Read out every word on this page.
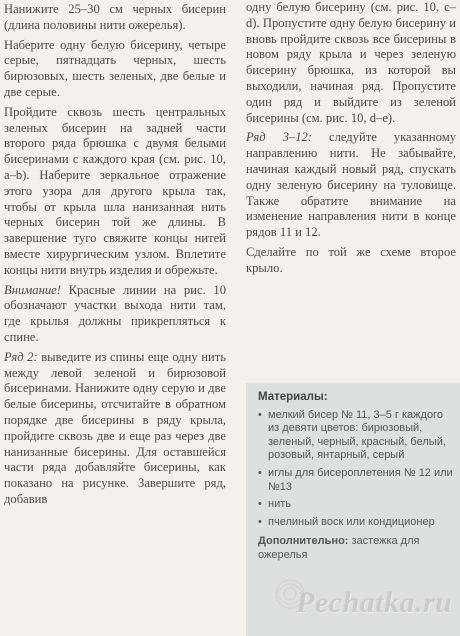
Нанижите 25–30 см черных бисерин (длина половины нити ожерелья).

Наберите одну белую бисерину, четыре серые, пятнадцать черных, шесть бирюзовых, шесть зеленых, две белые и две серые.

Пройдите сквозь шесть центральных зеленых бисерин на задней части второго ряда брюшка с двумя белыми бисеринами с каждого края (см. рис. 10, а–b). Наберите зеркальное отражение этого узора для другого крыла так, чтобы от крыла шла нанизанная нить черных бисерин той же длины. В завершение туго свяжите концы нитей вместе хирургическим узлом. Вплетите концы нити внутрь изделия и обрежьте.

Внимание! Красные линии на рис. 10 обозначают участки выхода нити там, где крылья должны прикрепляться к спине.

Ряд 2: выведите из спины еще одну нить между левой зеленой и бирюзовой бисеринами. Нанижите одну серую и две белые бисерины, отсчитайте в обратном порядке две бисерины в ряду крыла, пройдите сквозь две и еще раз через две нанизанные бисерины. Для оставшейся части ряда добавляйте бисерины, как показано на рисунке. Завершите ряд, добавив

одну белую бисерину (см. рис. 10, c–d). Пропустите одну белую бисерину и вновь пройдите сквозь все бисерины в новом ряду крыла и через зеленую бисерину брюшка, из которой вы выходили, начиная ряд. Пропустите один ряд и выйдите из зеленой бисерины (см. рис. 10, d–e).

Ряд 3–12: следуйте указанному направлению нити. Не забывайте, начиная каждый новый ряд, спускать одну зеленую бисерину на туловище. Также обратите внимание на изменение направления нити в конце рядов 11 и 12.

Сделайте по той же схеме второе крыло.

Материалы:
• мелкий бисер № 11, 3–5 г каждого из девяти цветов: бирюзовый, зеленый, черный, красный, белый, розовый, янтарный, серый
• иглы для бисероплетения № 12 или №13
• нить
• пчелиный воск или кондиционер
Дополнительно: застежка для ожерелья
Pechatka.ru
